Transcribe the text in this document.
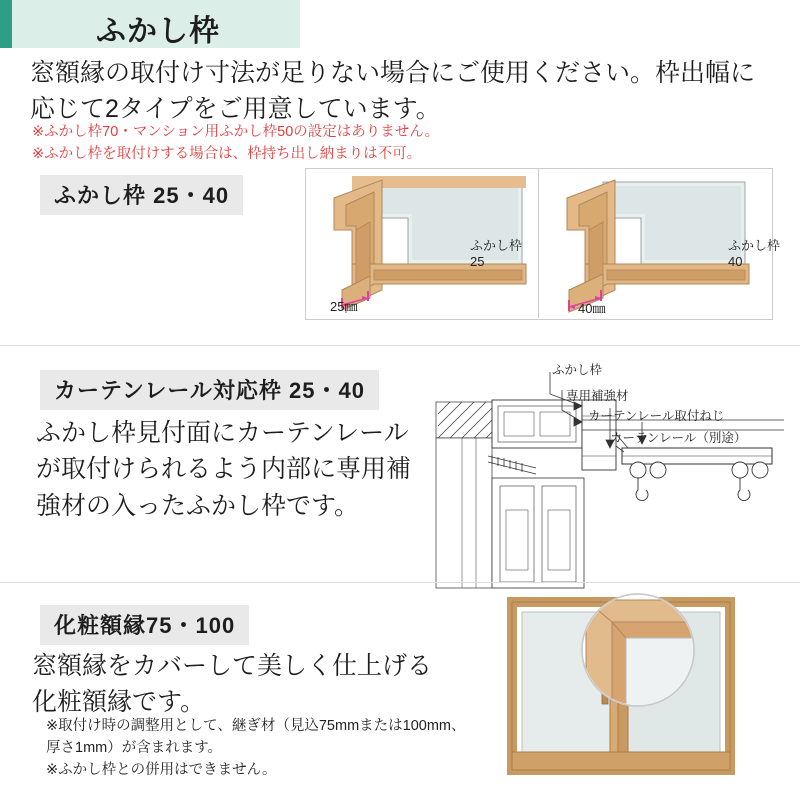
ふかし枠
窓額縁の取付け寸法が足りない場合にご使用ください。枠出幅に応じて2タイプをご用意しています。
※ふかし枠70・マンション用ふかし枠50の設定はありません。
※ふかし枠を取付けする場合は、枠持ち出し納まりは不可。
ふかし枠 25・40
25㎜	40㎜
ふかし枠
25
ふかし枠
40
カーテンレール対応枠 25・40
ふかし枠見付面にカーテンレールが取付けられるよう内部に専用補強材の入ったふかし枠です。
ふかし枠
専用補強材
カーテンレール取付ねじ
カーテンレール（別途）
化粧額縁75・100
窓額縁をカバーして美しく仕上げる化粧額縁です。
※取付け時の調整用として、継ぎ材（見込75mmまたは100mm、厚さ1mm）が含まれます。
※ふかし枠との併用はできません。
